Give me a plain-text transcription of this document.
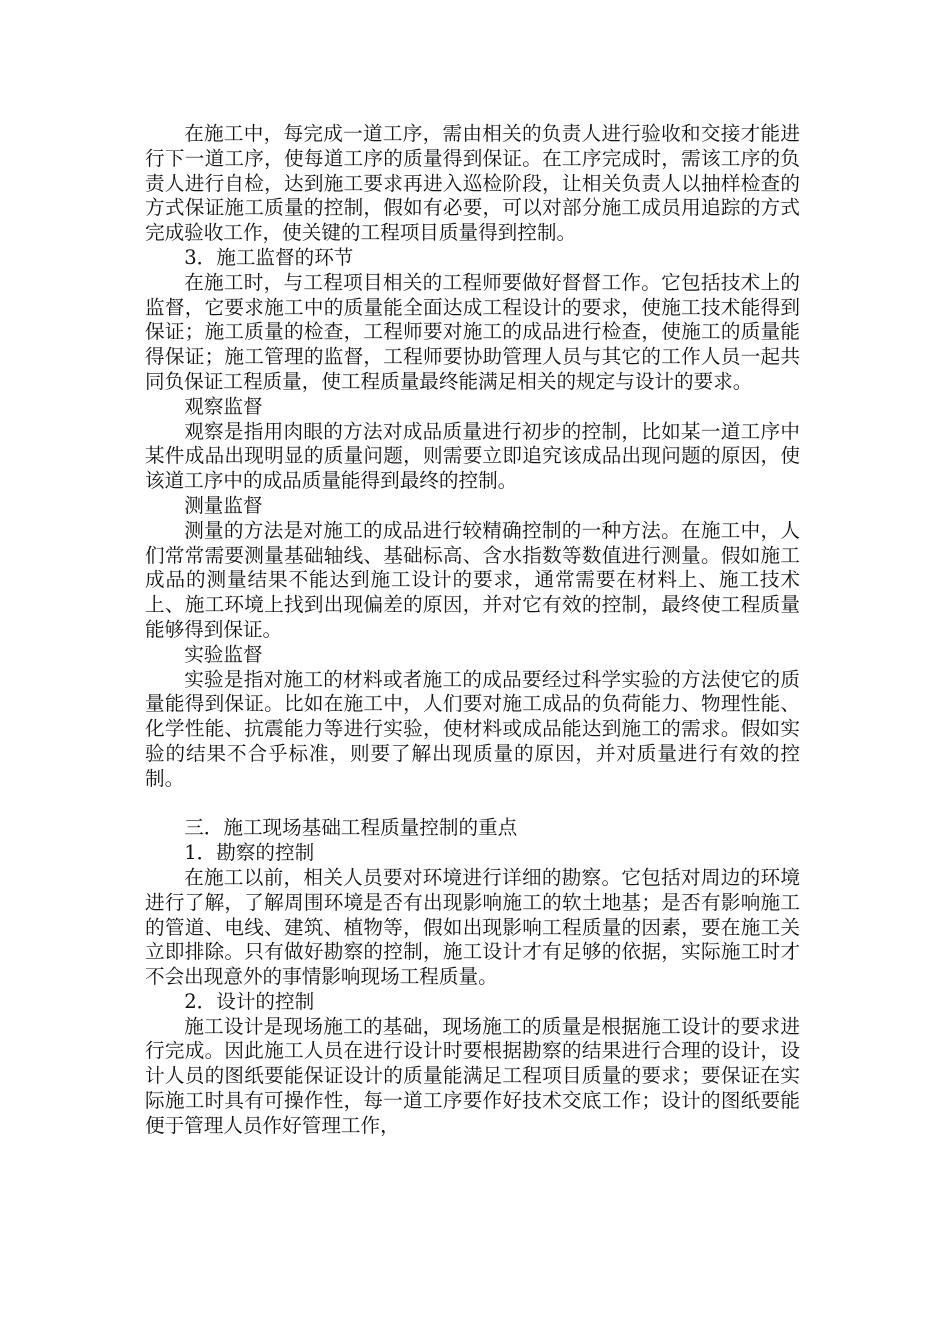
在施工中，每完成一道工序，需由相关的负责人进行验收和交接才能进行下一道工序，使每道工序的质量得到保证。在工序完成时，需该工序的负责人进行自检，达到施工要求再进入巡检阶段，让相关负责人以抽样检查的方式保证施工质量的控制，假如有必要，可以对部分施工成员用追踪的方式完成验收工作，使关键的工程项目质量得到控制。

3．施工监督的环节

在施工时，与工程项目相关的工程师要做好督督工作。它包括技术上的监督，它要求施工中的质量能全面达成工程设计的要求，使施工技术能得到保证；施工质量的检查，工程师要对施工的成品进行检查，使施工的质量能得保证；施工管理的监督，工程师要协助管理人员与其它的工作人员一起共同负保证工程质量，使工程质量最终能满足相关的规定与设计的要求。

观察监督

观察是指用肉眼的方法对成品质量进行初步的控制，比如某一道工序中某件成品出现明显的质量问题，则需要立即追究该成品出现问题的原因，使该道工序中的成品质量能得到最终的控制。

测量监督

测量的方法是对施工的成品进行较精确控制的一种方法。在施工中，人们常常需要测量基础轴线、基础标高、含水指数等数值进行测量。假如施工成品的测量结果不能达到施工设计的要求，通常需要在材料上、施工技术上、施工环境上找到出现偏差的原因，并对它有效的控制，最终使工程质量能够得到保证。

实验监督

实验是指对施工的材料或者施工的成品要经过科学实验的方法使它的质量能得到保证。比如在施工中，人们要对施工成品的负荷能力、物理性能、化学性能、抗震能力等进行实验，使材料或成品能达到施工的需求。假如实验的结果不合乎标准，则要了解出现质量的原因，并对质量进行有效的控制。

三．施工现场基础工程质量控制的重点

1．勘察的控制

在施工以前，相关人员要对环境进行详细的勘察。它包括对周边的环境进行了解，了解周围环境是否有出现影响施工的软土地基；是否有影响施工的管道、电线、建筑、植物等，假如出现影响工程质量的因素，要在施工关立即排除。只有做好勘察的控制，施工设计才有足够的依据，实际施工时才不会出现意外的事情影响现场工程质量。

2．设计的控制

施工设计是现场施工的基础，现场施工的质量是根据施工设计的要求进行完成。因此施工人员在进行设计时要根据勘察的结果进行合理的设计，设计人员的图纸要能保证设计的质量能满足工程项目质量的要求；要保证在实际施工时具有可操作性，每一道工序要作好技术交底工作；设计的图纸要能便于管理人员作好管理工作，
